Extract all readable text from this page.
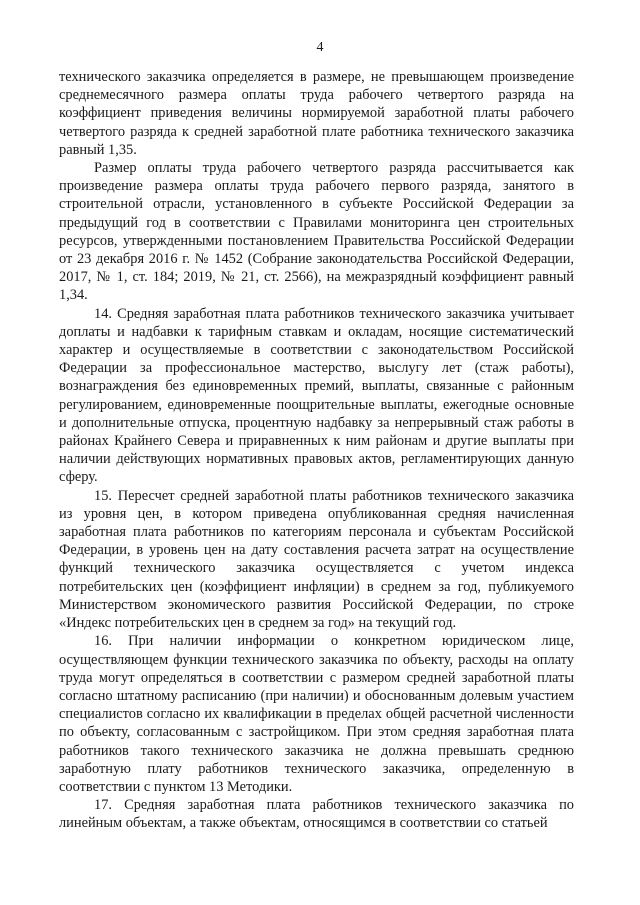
4

технического заказчика определяется в размере, не превышающем произведение среднемесячного размера оплаты труда рабочего четвертого разряда на коэффициент приведения величины нормируемой заработной платы рабочего четвертого разряда к средней заработной плате работника технического заказчика равный 1,35.

Размер оплаты труда рабочего четвертого разряда рассчитывается как произведение размера оплаты труда рабочего первого разряда, занятого в строительной отрасли, установленного в субъекте Российской Федерации за предыдущий год в соответствии с Правилами мониторинга цен строительных ресурсов, утвержденными постановлением Правительства Российской Федерации от 23 декабря 2016 г. № 1452 (Собрание законодательства Российской Федерации, 2017, № 1, ст. 184; 2019, № 21, ст. 2566), на межразрядный коэффициент равный 1,34.

14. Средняя заработная плата работников технического заказчика учитывает доплаты и надбавки к тарифным ставкам и окладам, носящие систематический характер и осуществляемые в соответствии с законодательством Российской Федерации за профессиональное мастерство, выслугу лет (стаж работы), вознаграждения без единовременных премий, выплаты, связанные с районным регулированием, единовременные поощрительные выплаты, ежегодные основные и дополнительные отпуска, процентную надбавку за непрерывный стаж работы в районах Крайнего Севера и приравненных к ним районам и другие выплаты при наличии действующих нормативных правовых актов, регламентирующих данную сферу.

15. Пересчет средней заработной платы работников технического заказчика из уровня цен, в котором приведена опубликованная средняя начисленная заработная плата работников по категориям персонала и субъектам Российской Федерации, в уровень цен на дату составления расчета затрат на осуществление функций технического заказчика осуществляется с учетом индекса потребительских цен (коэффициент инфляции) в среднем за год, публикуемого Министерством экономического развития Российской Федерации, по строке «Индекс потребительских цен в среднем за год» на текущий год.

16. При наличии информации о конкретном юридическом лице, осуществляющем функции технического заказчика по объекту, расходы на оплату труда могут определяться в соответствии с размером средней заработной платы согласно штатному расписанию (при наличии) и обоснованным долевым участием специалистов согласно их квалификации в пределах общей расчетной численности по объекту, согласованным с застройщиком. При этом средняя заработная плата работников такого технического заказчика не должна превышать среднюю заработную плату работников технического заказчика, определенную в соответствии с пунктом 13 Методики.

17. Средняя заработная плата работников технического заказчика по линейным объектам, а также объектам, относящимся в соответствии со статьей
